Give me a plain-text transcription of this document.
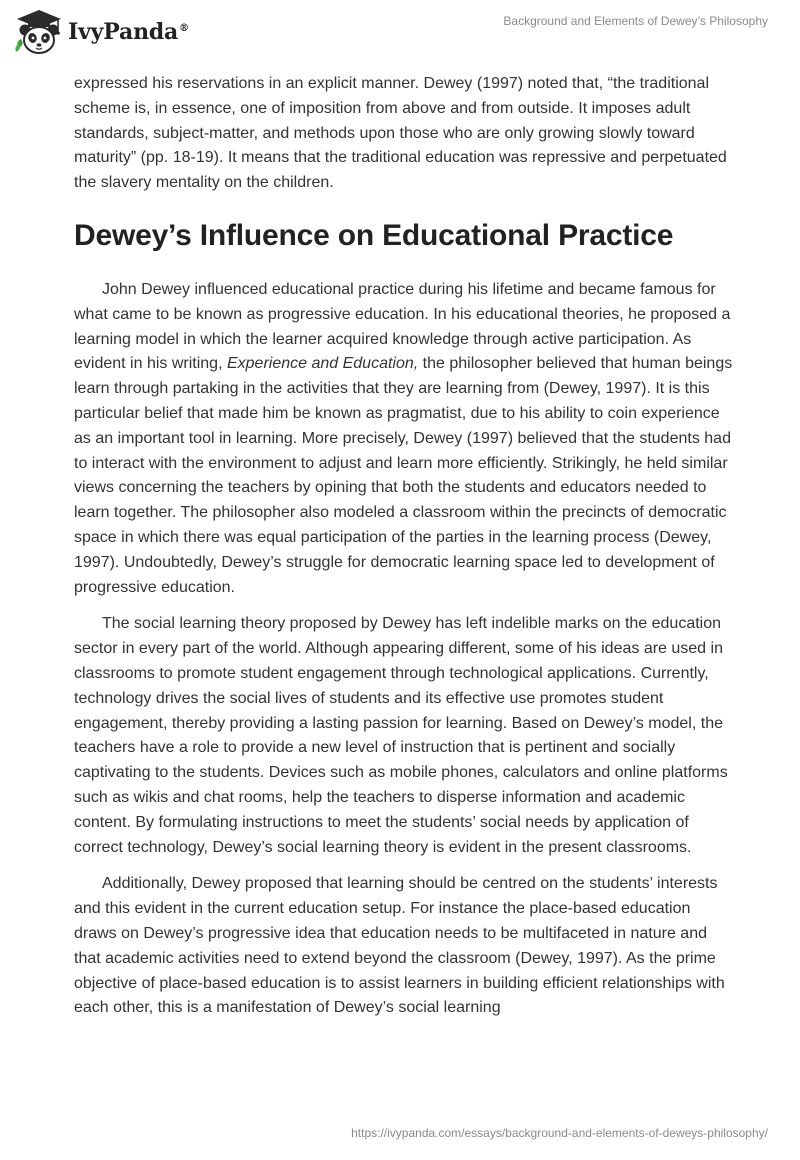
IvyPanda®
Background and Elements of Dewey’s Philosophy

expressed his reservations in an explicit manner. Dewey (1997) noted that, “the traditional scheme is, in essence, one of imposition from above and from outside. It imposes adult standards, subject-matter, and methods upon those who are only growing slowly toward maturity” (pp. 18-19). It means that the traditional education was repressive and perpetuated the slavery mentality on the children.

Dewey’s Influence on Educational Practice

John Dewey influenced educational practice during his lifetime and became famous for what came to be known as progressive education. In his educational theories, he proposed a learning model in which the learner acquired knowledge through active participation. As evident in his writing, Experience and Education, the philosopher believed that human beings learn through partaking in the activities that they are learning from (Dewey, 1997). It is this particular belief that made him be known as pragmatist, due to his ability to coin experience as an important tool in learning. More precisely, Dewey (1997) believed that the students had to interact with the environment to adjust and learn more efficiently. Strikingly, he held similar views concerning the teachers by opining that both the students and educators needed to learn together. The philosopher also modeled a classroom within the precincts of democratic space in which there was equal participation of the parties in the learning process (Dewey, 1997). Undoubtedly, Dewey’s struggle for democratic learning space led to development of progressive education.

The social learning theory proposed by Dewey has left indelible marks on the education sector in every part of the world. Although appearing different, some of his ideas are used in classrooms to promote student engagement through technological applications. Currently, technology drives the social lives of students and its effective use promotes student engagement, thereby providing a lasting passion for learning. Based on Dewey’s model, the teachers have a role to provide a new level of instruction that is pertinent and socially captivating to the students. Devices such as mobile phones, calculators and online platforms such as wikis and chat rooms, help the teachers to disperse information and academic content. By formulating instructions to meet the students’ social needs by application of correct technology, Dewey’s social learning theory is evident in the present classrooms.

Additionally, Dewey proposed that learning should be centred on the students’ interests and this evident in the current education setup. For instance the place-based education draws on Dewey’s progressive idea that education needs to be multifaceted in nature and that academic activities need to extend beyond the classroom (Dewey, 1997). As the prime objective of place-based education is to assist learners in building efficient relationships with each other, this is a manifestation of Dewey’s social learning

https://ivypanda.com/essays/background-and-elements-of-deweys-philosophy/
